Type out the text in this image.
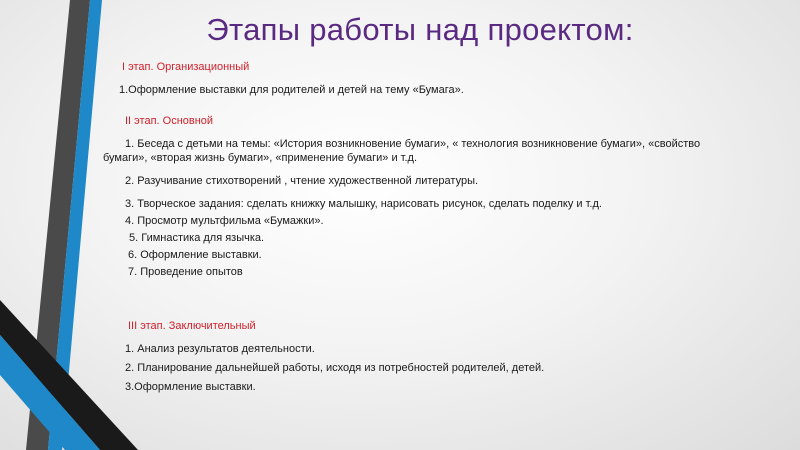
Этапы работы над проектом:
I этап. Организационный
1.Оформление выставки для родителей и детей на тему «Бумага».
II этап. Основной
1. Беседа с детьми на темы: «История возникновение бумаги», « технология возникновение бумаги», «свойство
бумаги», «вторая жизнь бумаги», «применение бумаги» и т.д.
2. Разучивание стихотворений , чтение художественной литературы.
3. Творческое задания: сделать книжку малышку, нарисовать рисунок, сделать поделку и т.д.
4. Просмотр мультфильма «Бумажки».
5. Гимнастика для язычка.
6. Оформление выставки.
7. Проведение опытов
III этап. Заключительный
1. Анализ результатов деятельности.
2. Планирование дальнейшей работы, исходя из потребностей родителей, детей.
3.Оформление выставки.
